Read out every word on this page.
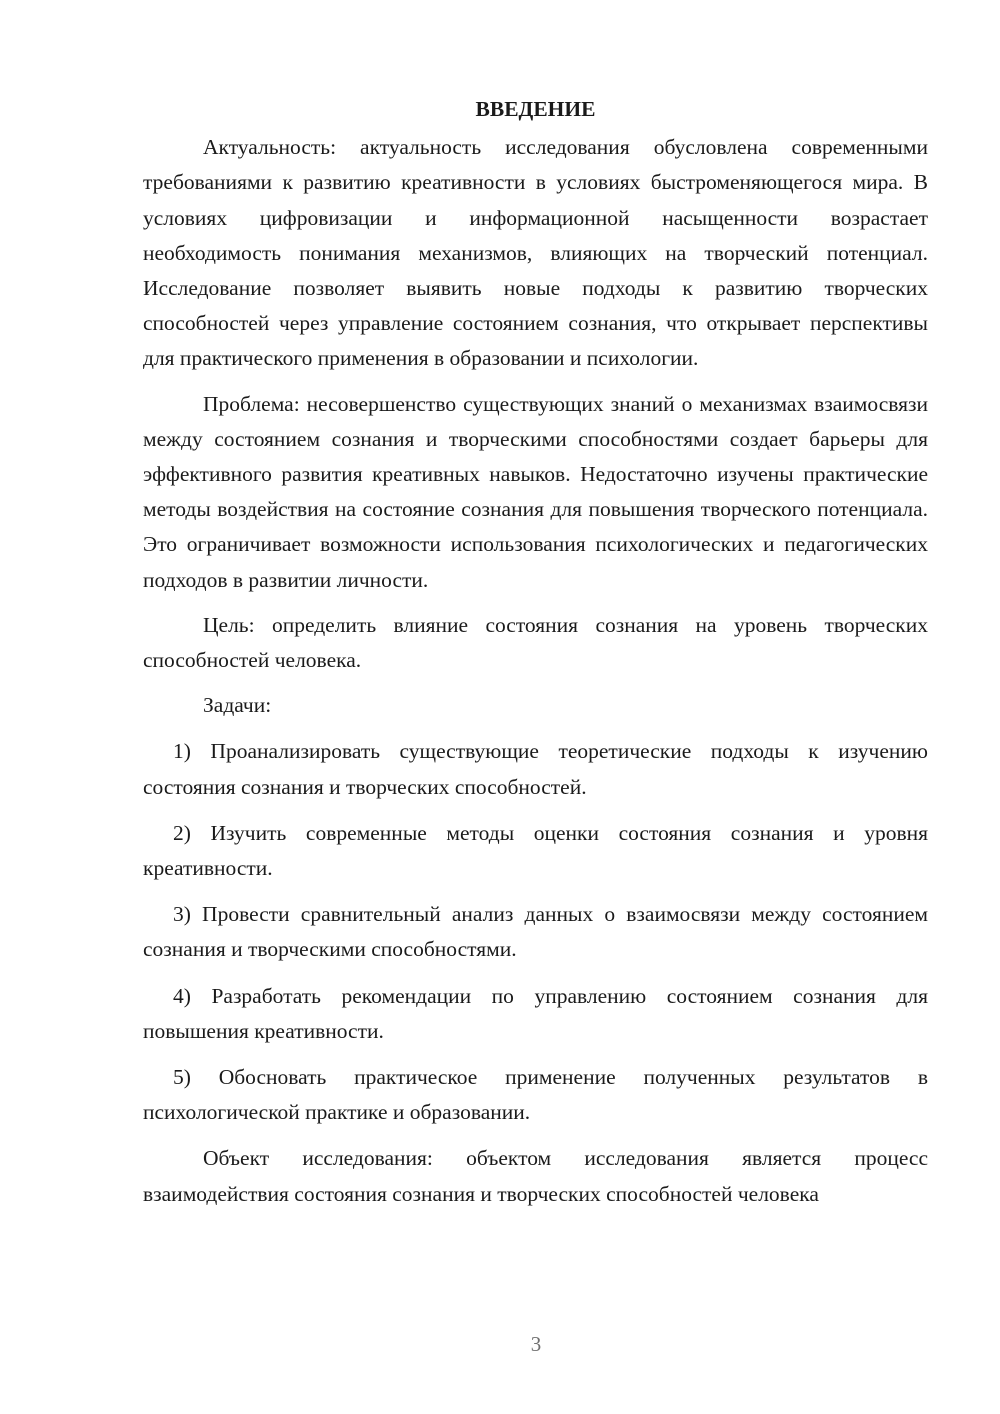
ВВЕДЕНИЕ

Актуальность: актуальность исследования обусловлена современными требованиями к развитию креативности в условиях быстроменяющегося мира. В условиях цифровизации и информационной насыщенности возрастает необходимость понимания механизмов, влияющих на творческий потенциал. Исследование позволяет выявить новые подходы к развитию творческих способностей через управление состоянием сознания, что открывает перспективы для практического применения в образовании и психологии.

Проблема: несовершенство существующих знаний о механизмах взаимосвязи между состоянием сознания и творческими способностями создает барьеры для эффективного развития креативных навыков. Недостаточно изучены практические методы воздействия на состояние сознания для повышения творческого потенциала. Это ограничивает возможности использования психологических и педагогических подходов в развитии личности.

Цель: определить влияние состояния сознания на уровень творческих способностей человека.

Задачи:

1) Проанализировать существующие теоретические подходы к изучению состояния сознания и творческих способностей.

2) Изучить современные методы оценки состояния сознания и уровня креативности.

3) Провести сравнительный анализ данных о взаимосвязи между состоянием сознания и творческими способностями.

4) Разработать рекомендации по управлению состоянием сознания для повышения креативности.

5) Обосновать практическое применение полученных результатов в психологической практике и образовании.

Объект исследования: объектом исследования является процесс взаимодействия состояния сознания и творческих способностей человека

3
